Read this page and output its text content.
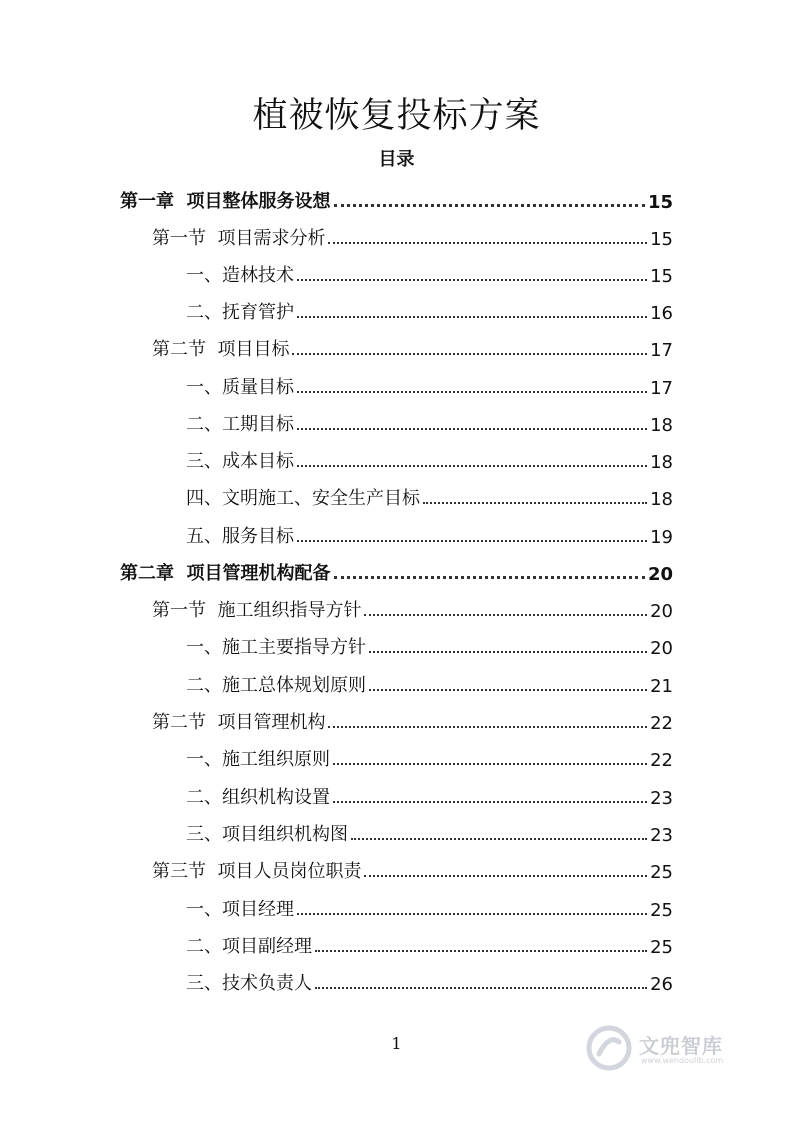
植被恢复投标方案
目录
第一章  项目整体服务设想	15
第一节  项目需求分析	15
一、造林技术	15
二、抚育管护	16
第二节  项目目标	17
一、质量目标	17
二、工期目标	18
三、成本目标	18
四、文明施工、安全生产目标	18
五、服务目标	19
第二章  项目管理机构配备	20
第一节  施工组织指导方针	20
一、施工主要指导方针	20
二、施工总体规划原则	21
第二节  项目管理机构	22
一、施工组织原则	22
二、组织机构设置	23
三、项目组织机构图	23
第三节  项目人员岗位职责	25
一、项目经理	25
二、项目副经理	25
三、技术负责人	26
1	文兜智库
www.wendoulib.com
